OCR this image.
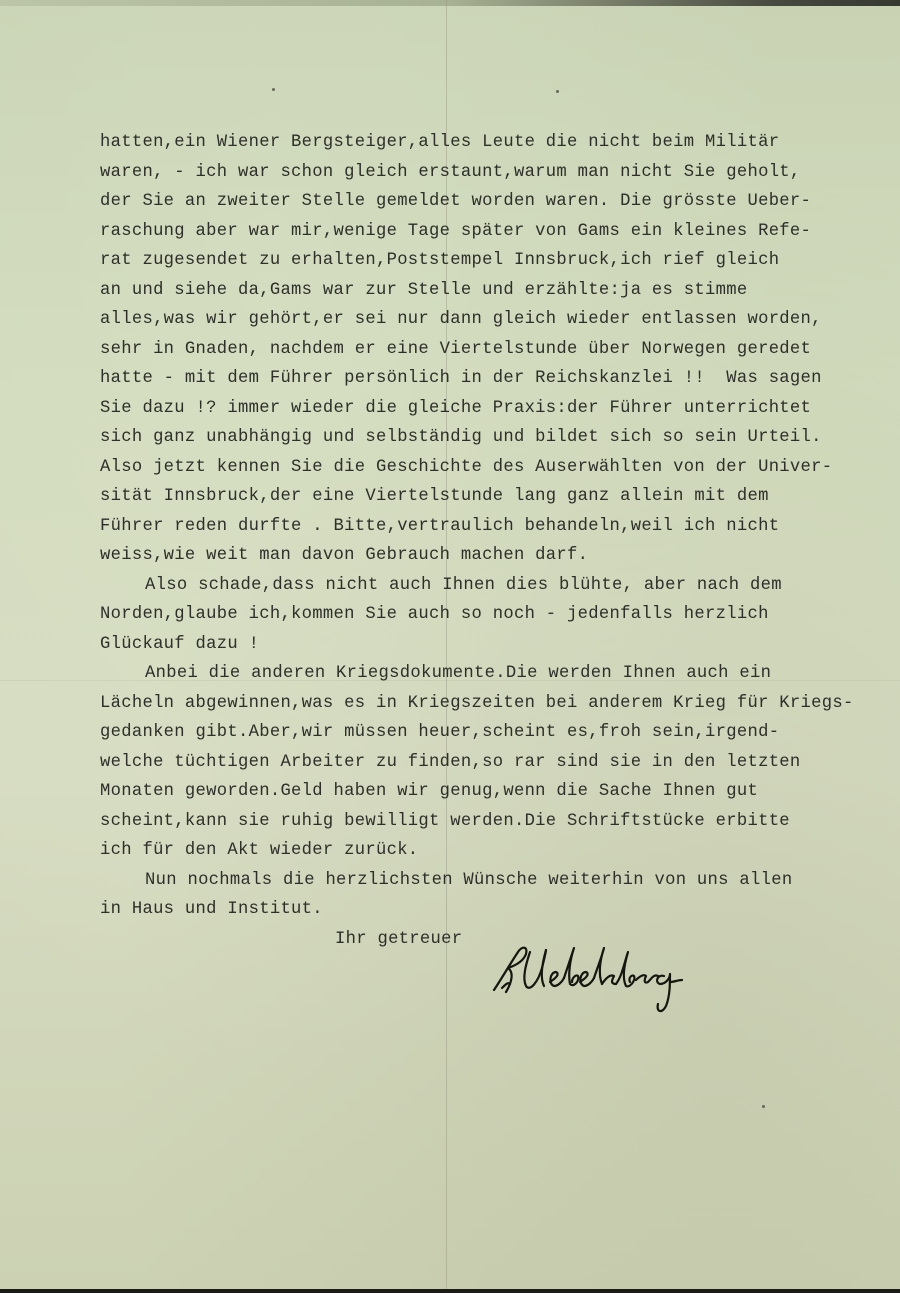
hatten,ein Wiener Bergsteiger,alles Leute die nicht beim Militär
waren, - ich war schon gleich erstaunt,warum man nicht Sie geholt,
der Sie an zweiter Stelle gemeldet worden waren. Die grösste Ueber-
raschung aber war mir,wenige Tage später von Gams ein kleines Refe-
rat zugesendet zu erhalten,Poststempel Innsbruck,ich rief gleich
an und siehe da,Gams war zur Stelle und erzählte:ja es stimme
alles,was wir gehört,er sei nur dann gleich wieder entlassen worden,
sehr in Gnaden, nachdem er eine Viertelstunde über Norwegen geredet
hatte - mit dem Führer persönlich in der Reichskanzlei !!  Was sagen
Sie dazu !? immer wieder die gleiche Praxis:der Führer unterrichtet
sich ganz unabhängig und selbständig und bildet sich so sein Urteil.
Also jetzt kennen Sie die Geschichte des Auserwählten von der Univer-
sität Innsbruck,der eine Viertelstunde lang ganz allein mit dem
Führer reden durfte . Bitte,vertraulich behandeln,weil ich nicht
weiss,wie weit man davon Gebrauch machen darf.
Also schade,dass nicht auch Ihnen dies blühte, aber nach dem
Norden,glaube ich,kommen Sie auch so noch - jedenfalls herzlich
Glückauf dazu !
Anbei die anderen Kriegsdokumente.Die werden Ihnen auch ein
Lächeln abgewinnen,was es in Kriegszeiten bei anderem Krieg für Kriegs-
gedanken gibt.Aber,wir müssen heuer,scheint es,froh sein,irgend-
welche tüchtigen Arbeiter zu finden,so rar sind sie in den letzten
Monaten geworden.Geld haben wir genug,wenn die Sache Ihnen gut
scheint,kann sie ruhig bewilligt werden.Die Schriftstücke erbitte
ich für den Akt wieder zurück.
Nun nochmals die herzlichsten Wünsche weiterhin von uns allen
in Haus und Institut.
Ihr getreuer
